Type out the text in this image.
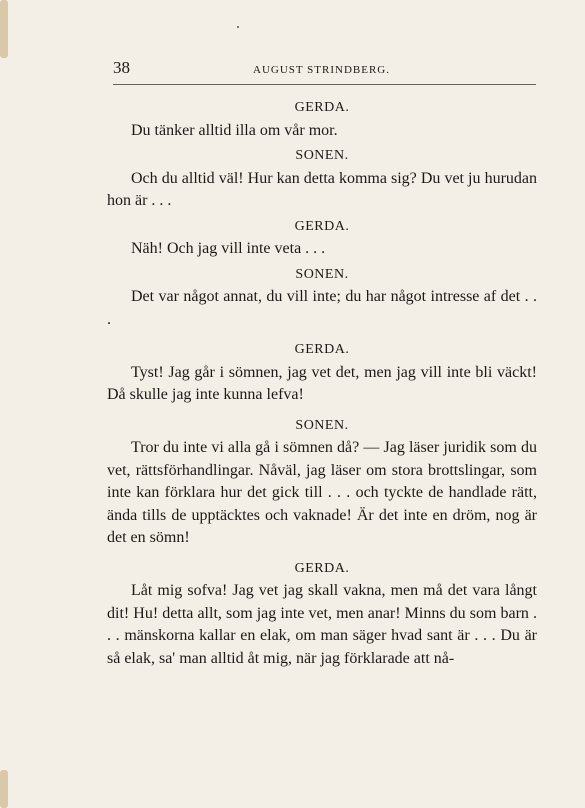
38	AUGUST STRINDBERG.

GERDA.

Du tänker alltid illa om vår mor.

SONEN.

Och du alltid väl! Hur kan detta komma sig? Du vet ju hurudan hon är . . .

GERDA.

Näh! Och jag vill inte veta . . .

SONEN.

Det var något annat, du vill inte; du har något intresse af det . . .

GERDA.

Tyst! Jag går i sömnen, jag vet det, men jag vill inte bli väckt! Då skulle jag inte kunna lefva!

SONEN.

Tror du inte vi alla gå i sömnen då? — Jag läser juridik som du vet, rättsförhandlingar. Nåväl, jag läser om stora brottslingar, som inte kan förklara hur det gick till . . . och tyckte de handlade rätt, ända tills de upptäcktes och vaknade! Är det inte en dröm, nog är det en sömn!

GERDA.

Låt mig sofva! Jag vet jag skall vakna, men må det vara långt dit! Hu! detta allt, som jag inte vet, men anar! Minns du som barn . . . mänskorna kallar en elak, om man säger hvad sant är . . . Du är så elak, sa' man alltid åt mig, när jag förklarade att nå-
